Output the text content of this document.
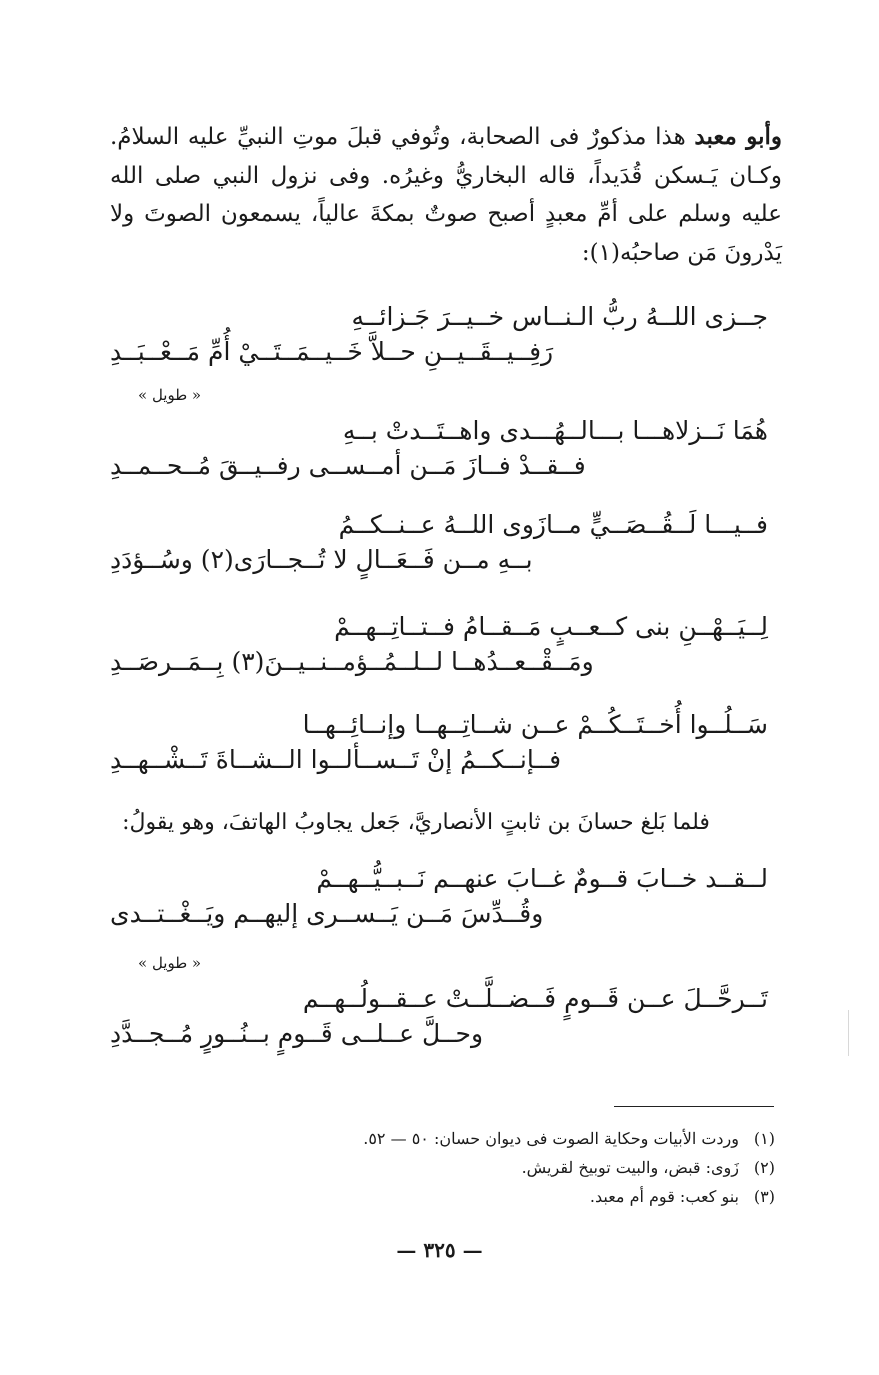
وأبو معبد هذا مذكورٌ فى الصحابة، وتُوفي قبلَ موتِ النبيِّ عليه السلامُ. وكـان يَـسكن قُدَيداً، قاله البخاريُّ وغيرُه. وفى نزول النبي صلى الله عليه وسلم على أمِّ معبدٍ أصبح صوتٌ بمكةَ عالياً، يسمعون الصوتَ ولا يَدْرونَ مَن صاحبُه(١):
جــزى اللــهُ ربُّ الـنــاس خــيــرَ جَـزائــهِ
رَفِــيــقَــيــنِ حــلاَّ خَــيــمَــتَــيْ أُمِّ مَــعْــبَــدِ
« طويل »
هُمَا نَــزلاهـــا بـــالــهُـــدى واهــتَــدتْ بــهِ
فــقــدْ فــازَ مَــن أمــســى رفــيــقَ مُــحــمــدِ
فــيـــا لَــقُــصَــيٍّ مــازَوى اللــهُ عــنــكــمُ
بــهِ مــن فَــعَــالٍ لا تُــجــارَى(٢) وسُــؤدَدِ
لِــيَــهْــنِ بنى كــعــبٍ مَــقــامُ فــتــاتِــهــمْ
ومَــقْــعــدُهــا لــلــمُــؤمــنــيــنَ(٣) بِــمَــرصَــدِ
سَــلُــوا أُخــتَــكُــمْ عــن شــاتِــهــا وإنــائِــهــا
فــإنــكــمُ إنْ تَــســألــوا الــشــاةَ تَــشْــهــدِ
فلما بَلغ حسانَ بن ثابتٍ الأنصاريَّ، جَعل يجاوبُ الهاتفَ، وهو يقولُ:
لــقــد خــابَ قــومٌ غــابَ عنهــم نَــبــيُّــهــمْ
وقُــدِّسَ مَــن يَــســرى إليهــم ويَــغْــتــدى
« طويل »
تَــرحَّــلَ عــن قَــومٍ فَــضــلَّــتْ عــقــولُــهــم
وحــلَّ عــلــى قَــومٍ بــنُــورٍ مُــجــدَّدِ
(١)وردت الأبيات وحكاية الصوت فى ديوان حسان: ٥٠ — ٥٢.
(٢)زَوى: قبض، والبيت توبيخ لقريش.
(٣)بنو كعب: قوم أم معبد.
— ٣٢٥ —
